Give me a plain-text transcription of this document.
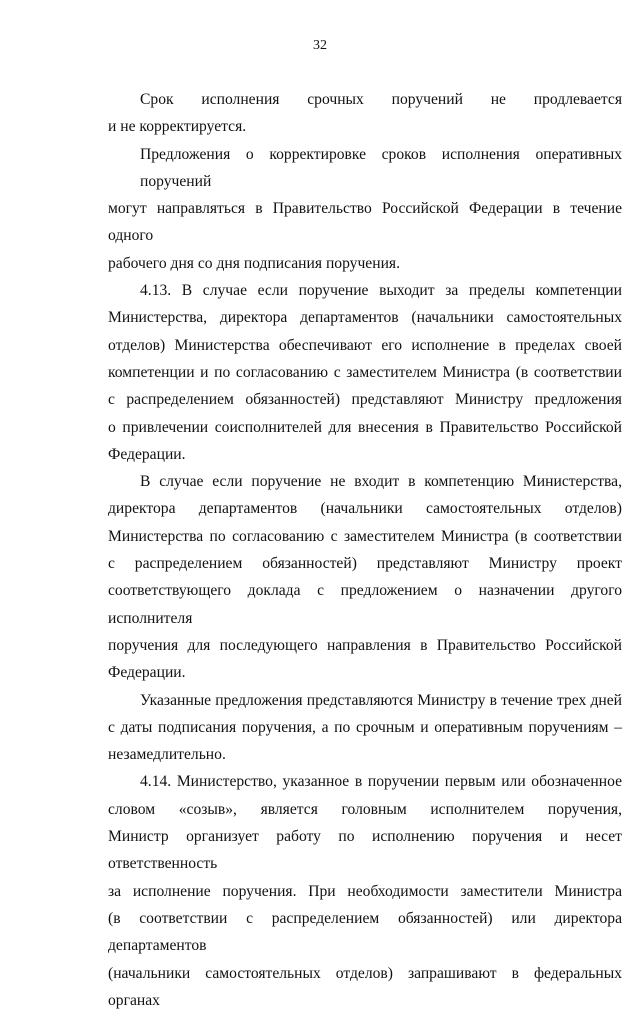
32

Срок исполнения срочных поручений не продлевается
и не корректируется.

Предложения о корректировке сроков исполнения оперативных поручений
могут направляться в Правительство Российской Федерации в течение одного
рабочего дня со дня подписания поручения.

4.13. В случае если поручение выходит за пределы компетенции
Министерства, директора департаментов (начальники самостоятельных
отделов) Министерства обеспечивают его исполнение в пределах своей
компетенции и по согласованию с заместителем Министра (в соответствии
с распределением обязанностей) представляют Министру предложения
о привлечении соисполнителей для внесения в Правительство Российской
Федерации.

В случае если поручение не входит в компетенцию Министерства,
директора департаментов (начальники самостоятельных отделов)
Министерства по согласованию с заместителем Министра (в соответствии
с распределением обязанностей) представляют Министру проект
соответствующего доклада с предложением о назначении другого исполнителя
поручения для последующего направления в Правительство Российской
Федерации.

Указанные предложения представляются Министру в течение трех дней
с даты подписания поручения, а по срочным и оперативным поручениям –
незамедлительно.

4.14. Министерство, указанное в поручении первым или обозначенное
словом «созыв», является головным исполнителем поручения,
Министр организует работу по исполнению поручения и несет ответственность
за исполнение поручения. При необходимости заместители Министра
(в соответствии с распределением обязанностей) или директора департаментов
(начальники самостоятельных отделов) запрашивают в федеральных органах
